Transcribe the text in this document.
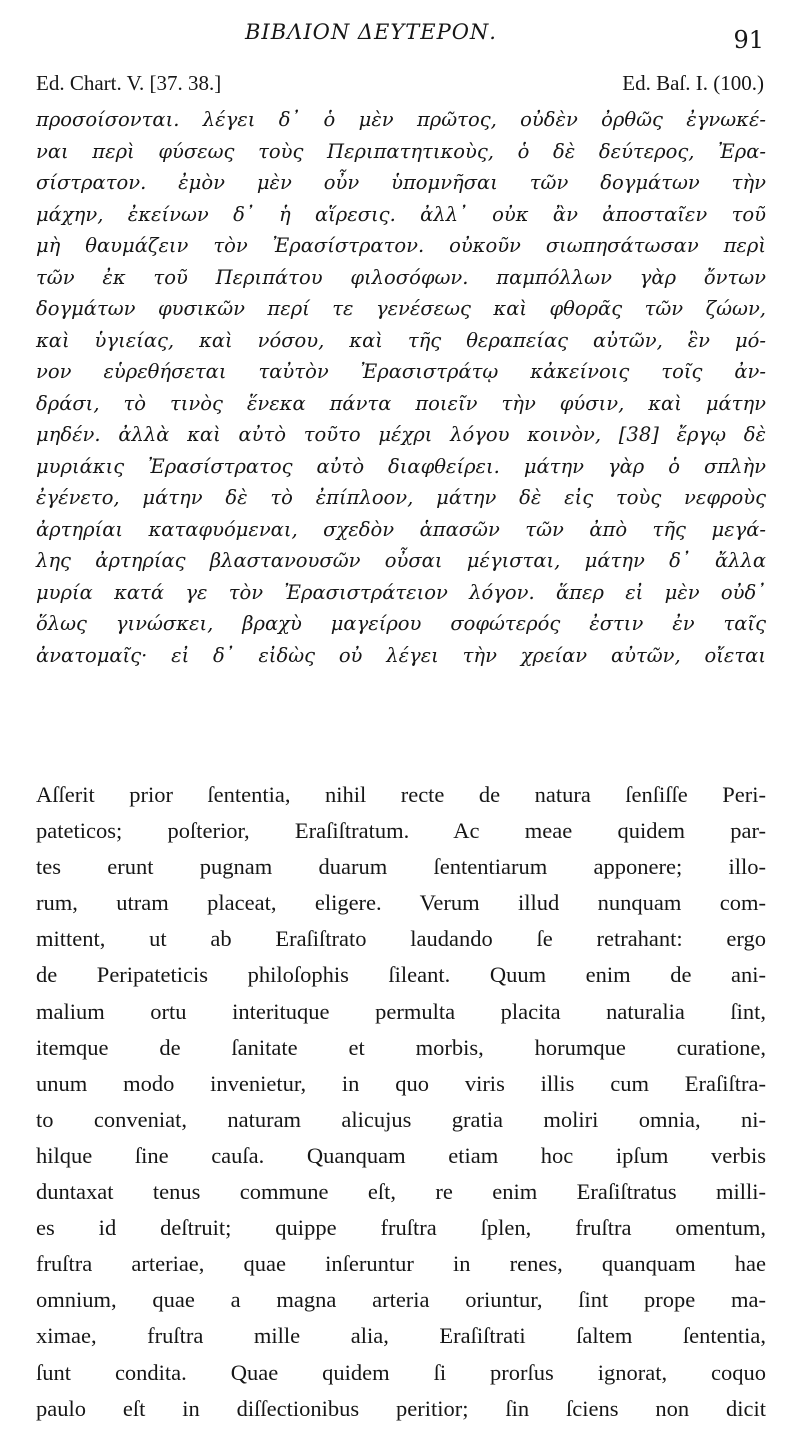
ΒΙΒΛΙΟΝ ΔΕΥΤΕΡΟΝ.	91
Ed. Chart. V. [37. 38.]	Ed. Baſ. I. (100.)
προσοίσονται. λέγει δ᾽ ὁ μὲν πρῶτος, οὐδὲν ὀρθῶς ἐγνωκέ-
ναι περὶ φύσεως τοὺς Περιπατητικοὺς, ὁ δὲ δεύτερος, Ἐρα-
σίστρατον. ἐμὸν μὲν οὖν ὑπομνῆσαι τῶν δογμάτων τὴν
μάχην, ἐκείνων δ᾽ ἡ αἵρεσις. ἀλλ᾽ οὐκ ἂν ἀποσταῖεν τοῦ
μὴ θαυμάζειν τὸν Ἐρασίστρατον. οὐκοῦν σιωπησάτωσαν περὶ
τῶν ἐκ τοῦ Περιπάτου φιλοσόφων. παμπόλλων γὰρ ὄντων
δογμάτων φυσικῶν περί τε γενέσεως καὶ φθορᾶς τῶν ζώων,
καὶ ὑγιείας, καὶ νόσου, καὶ τῆς θεραπείας αὐτῶν, ἓν μό-
νον εὑρεθήσεται ταὐτὸν Ἐρασιστράτῳ κἀκείνοις τοῖς ἀν-
δράσι, τὸ τινὸς ἕνεκα πάντα ποιεῖν τὴν φύσιν, καὶ μάτην
μηδέν. ἀλλὰ καὶ αὐτὸ τοῦτο μέχρι λόγου κοινὸν, [38] ἔργῳ δὲ
μυριάκις Ἐρασίστρατος αὐτὸ διαφθείρει. μάτην γὰρ ὁ σπλὴν
ἐγένετο, μάτην δὲ τὸ ἐπίπλοον, μάτην δὲ εἰς τοὺς νεφροὺς
ἀρτηρίαι καταφυόμεναι, σχεδὸν ἁπασῶν τῶν ἀπὸ τῆς μεγά-
λης ἀρτηρίας βλαστανουσῶν οὖσαι μέγισται, μάτην δ᾽ ἄλλα
μυρία κατά γε τὸν Ἐρασιστράτειον λόγον. ἅπερ εἰ μὲν οὐδ᾽
ὅλως γινώσκει, βραχὺ μαγείρου σοφώτερός ἐστιν ἐν ταῖς
ἀνατομαῖς· εἰ δ᾽ εἰδὼς οὐ λέγει τὴν χρείαν αὐτῶν, οἴεται
Aſſerit prior ſententia, nihil recte de natura ſenſiſſe Peri-
pateticos; poſterior, Eraſiſtratum. Ac meae quidem par-
tes erunt pugnam duarum ſententiarum apponere; illo-
rum, utram placeat, eligere. Verum illud nunquam com-
mittent, ut ab Eraſiſtrato laudando ſe retrahant: ergo
de Peripateticis philoſophis ſileant. Quum enim de ani-
malium ortu interituque permulta placita naturalia ſint,
itemque de ſanitate et morbis, horumque curatione,
unum modo invenietur, in quo viris illis cum Eraſiſtra-
to conveniat, naturam alicujus gratia moliri omnia, ni-
hilque ſine cauſa. Quanquam etiam hoc ipſum verbis
duntaxat tenus commune eſt, re enim Eraſiſtratus milli-
es id deſtruit; quippe fruſtra ſplen, fruſtra omentum,
fruſtra arteriae, quae inſeruntur in renes, quanquam hae
omnium, quae a magna arteria oriuntur, ſint prope ma-
ximae, fruſtra mille alia, Eraſiſtrati ſaltem ſententia,
ſunt condita. Quae quidem ſi prorſus ignorat, coquo
paulo eſt in diſſectionibus peritior; ſin ſciens non dicit
